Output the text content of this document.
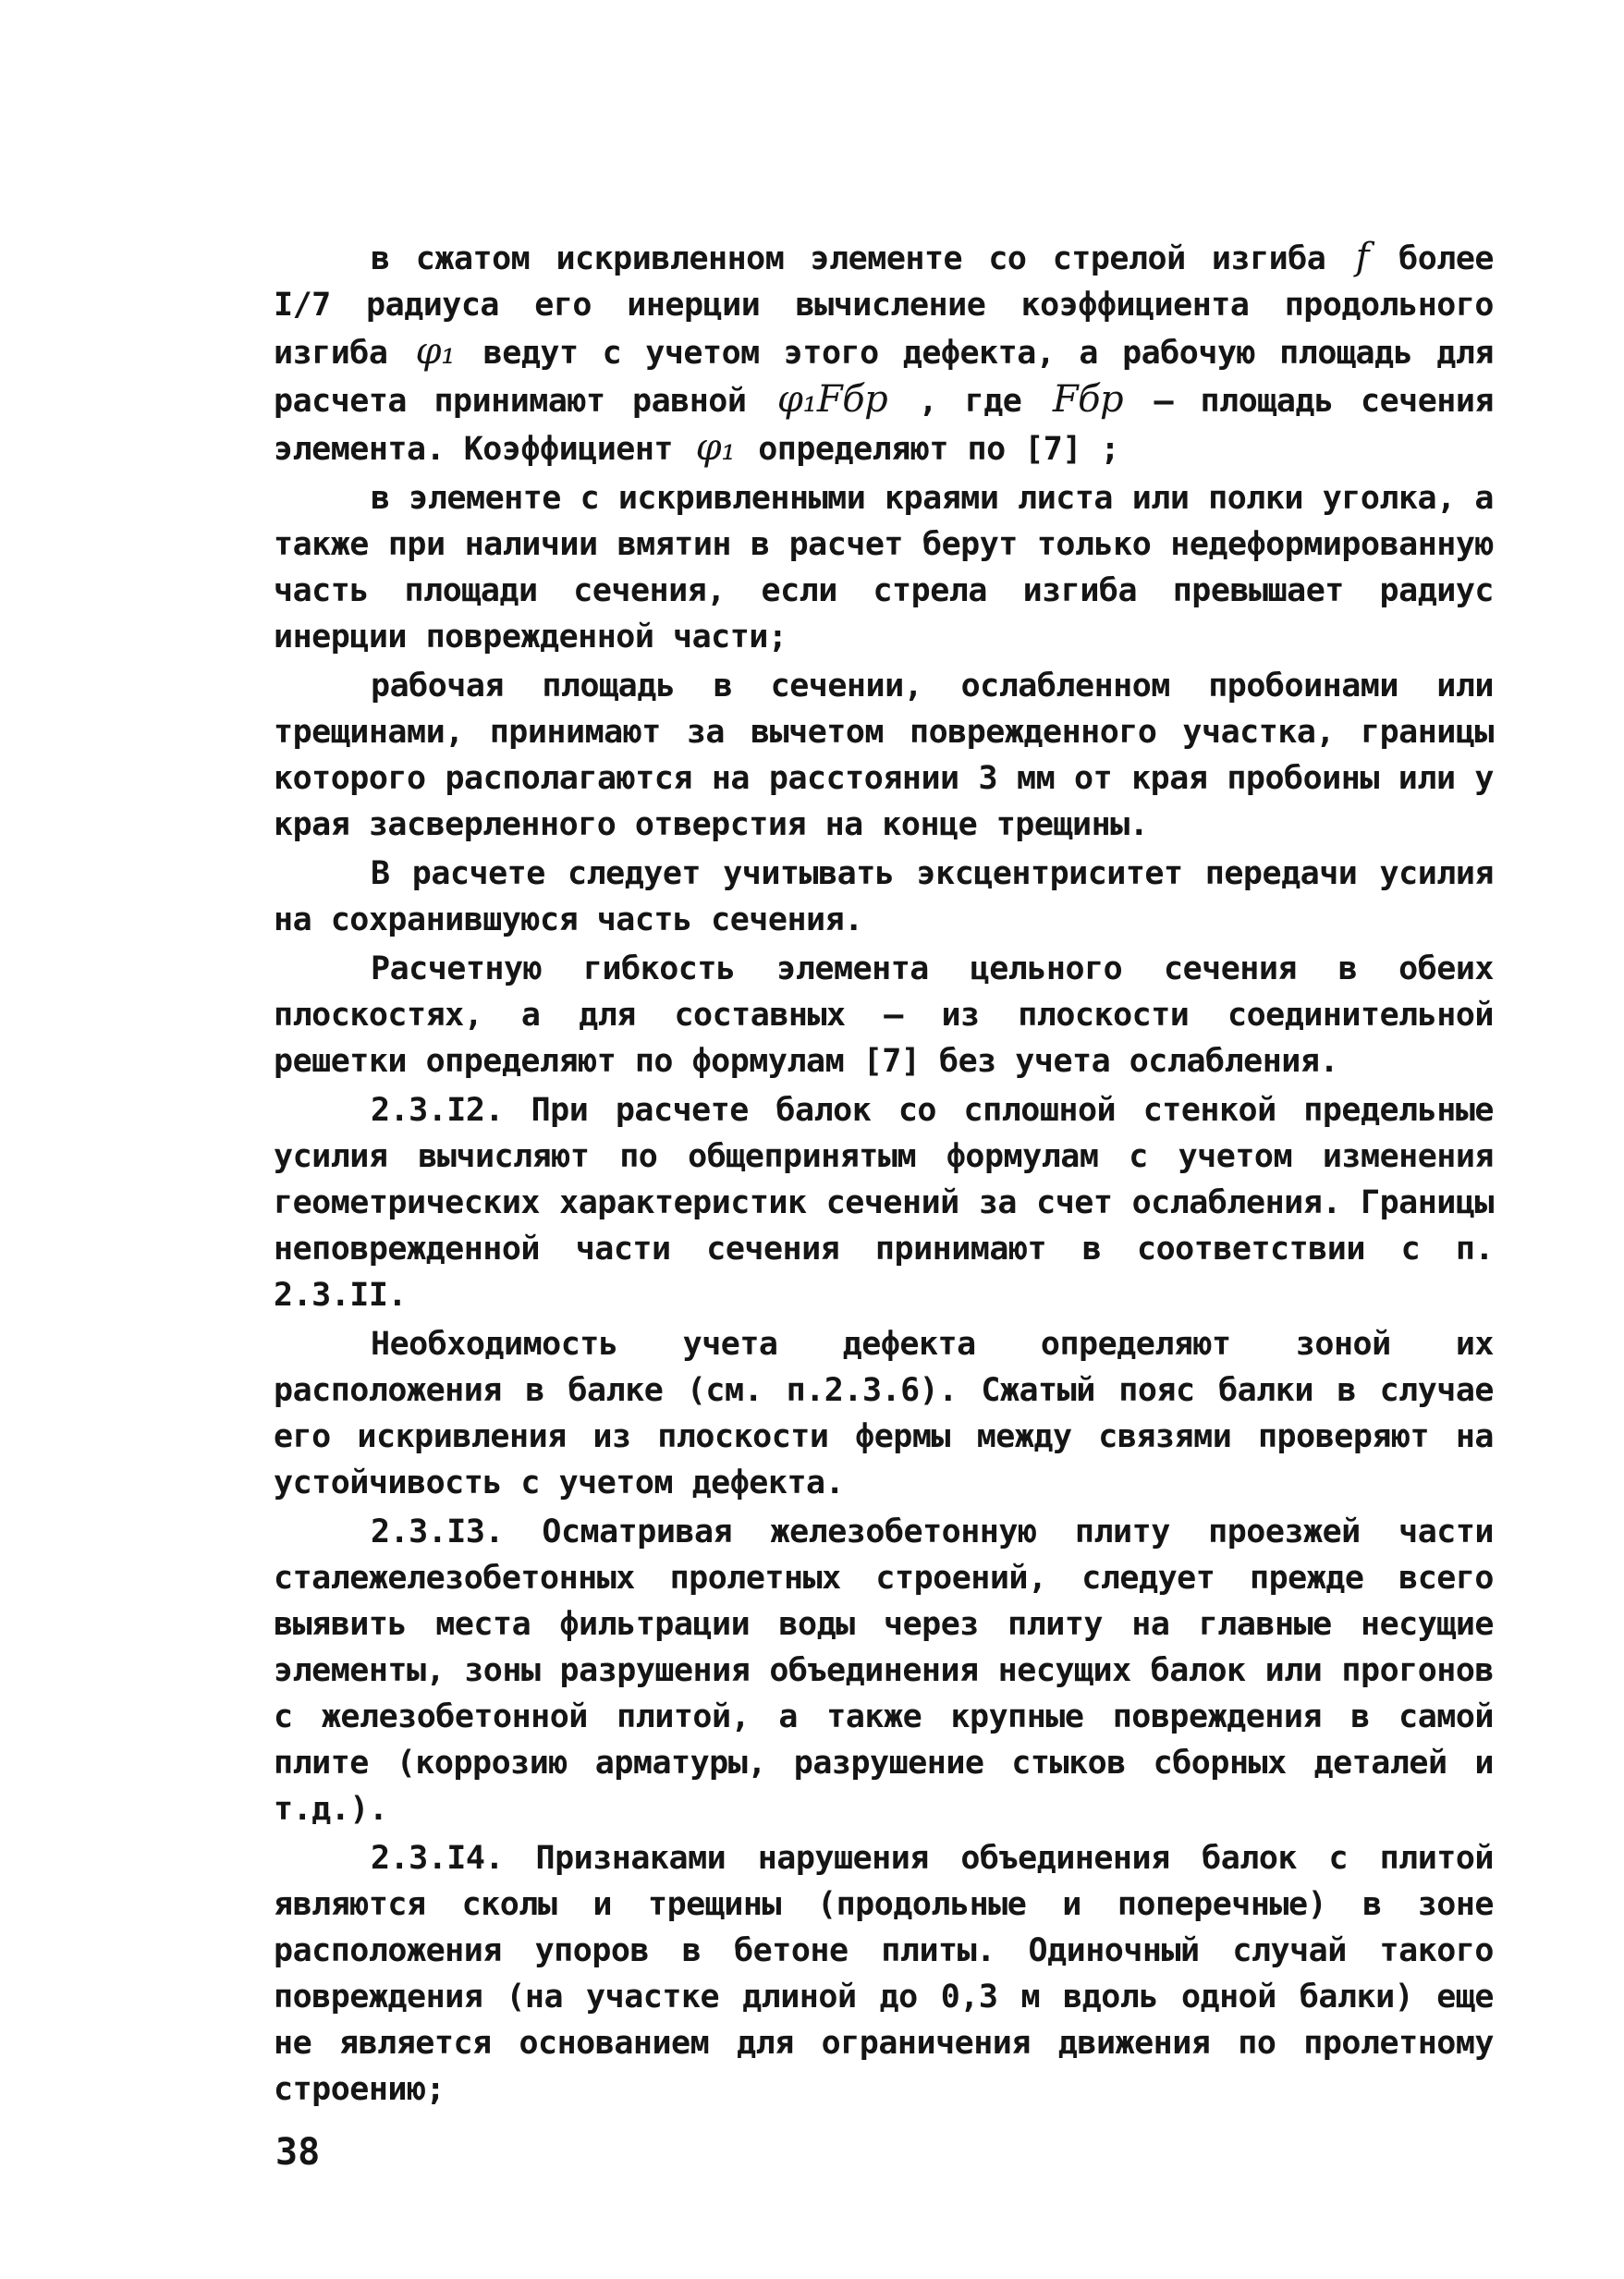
в сжатом искривленном элементе со стрелой изгиба f более I/7 радиуса его инерции вычисление коэффициента продольного изгиба φ₁ ведут с учетом этого дефекта, а рабочую площадь для расчета принимают равной φ₁Fбр , где Fбр – площадь сечения элемента. Коэффициент φ₁ определяют по [7] ;

в элементе с искривленными краями листа или полки уголка, а также при наличии вмятин в расчет берут только недеформированную часть площади сечения, если стрела изгиба превышает радиус инерции поврежденной части;

рабочая площадь в сечении, ослабленном пробоинами или трещинами, принимают за вычетом поврежденного участка, границы которого располагаются на расстоянии 3 мм от края пробоины или у края засверленного отверстия на конце трещины.

В расчете следует учитывать эксцентриситет передачи усилия на сохранившуюся часть сечения.

Расчетную гибкость элемента цельного сечения в обеих плоскостях, а для составных – из плоскости соединительной решетки определяют по формулам [7] без учета ослабления.

2.3.I2. При расчете балок со сплошной стенкой предельные усилия вычисляют по общепринятым формулам с учетом изменения геометрических характеристик сечений за счет ослабления. Границы неповрежденной части сечения принимают в соответствии с п. 2.3.II.

Необходимость учета дефекта определяют зоной их расположения в балке (см. п.2.3.6). Сжатый пояс балки в случае его искривления из плоскости фермы между связями проверяют на устойчивость с учетом дефекта.

2.3.I3. Осматривая железобетонную плиту проезжей части сталежелезобетонных пролетных строений, следует прежде всего выявить места фильтрации воды через плиту на главные несущие элементы, зоны разрушения объединения несущих балок или прогонов с железобетонной плитой, а также крупные повреждения в самой плите (коррозию арматуры, разрушение стыков сборных деталей и т.д.).

2.3.I4. Признаками нарушения объединения балок с плитой являются сколы и трещины (продольные и поперечные) в зоне расположения упоров в бетоне плиты. Одиночный случай такого повреждения (на участке длиной до 0,3 м вдоль одной балки) еще не является основанием для ограничения движения по пролетному строению;

38
